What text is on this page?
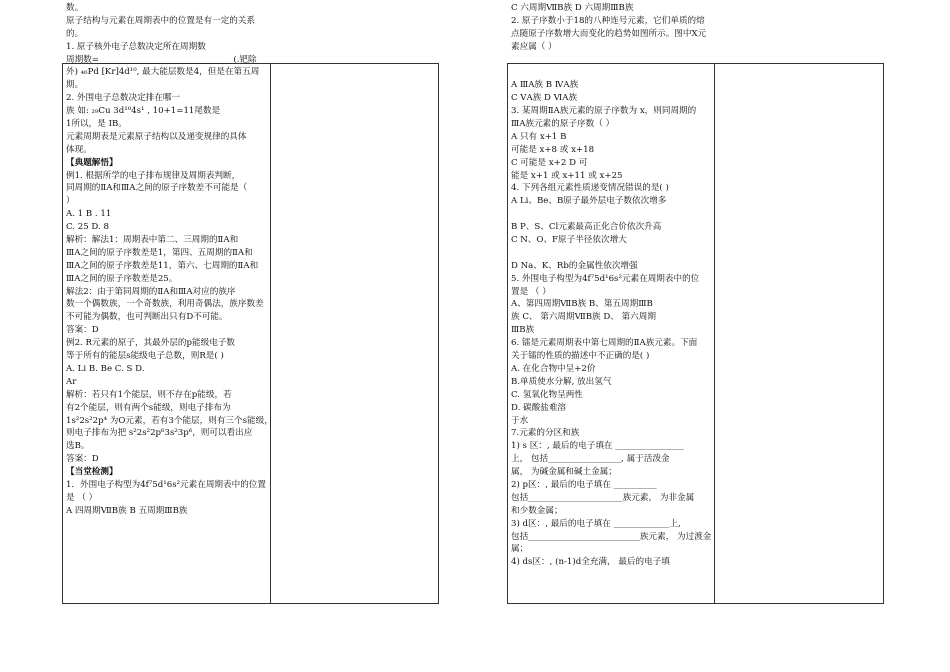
数。
原子结构与元素在周期表中的位置是有一定的关系
的。
1. 原子核外电子总数决定所在周期数
周期数= ______________________________ (.钯除
外) ₄₆Pd [Kr]4d¹⁰, 最大能层数是4，但是在第五周
期。
2. 外围电子总数决定排在哪一
族 如: ₂₉Cu 3d¹⁰4s¹ , 10+1=11尾数是
1所以，是 IB。
元素周期表是元素原子结构以及递变规律的具体
体现。
【典题解悟】
例1. 根据所学的电子排布规律及周期表判断，
同周期的ⅡA和ⅢA之间的原子序数差不可能是（
）
A. 1 B . 11
C. 25 D. 8
解析：解法1：周期表中第二、三周期的ⅡA和
ⅢA之间的原子序数差是1，第四、五周期的ⅡA和
ⅢA之间的原子序数差是11，第六、七周期的ⅡA和
ⅢA之间的原子序数差是25。
解法2：由于第同周期的ⅡA和ⅢA对应的族序
数一个偶数族，一个奇数族，利用奇偶法，族序数差
不可能为偶数，也可判断出只有D不可能。
答案：D
例2. R元素的原子，其最外层的p能级电子数
等于所有的能层s能级电子总数，则R是( )
A. Li B. Be C. S D.
Ar
解析：若只有1个能层，则不存在p能级，若
有2个能层，则有两个s能级，则电子排布为
1s²2s²2p⁴ 为O元素，若有3个能层，则有三个s能级，
则电子排布为把 s²2s²2p⁶3s²3p⁶，则可以看出应
选B。
答案：D
【当堂检测】
1．外围电子构型为4f⁷5d¹6s²元素在周期表中的位置
是 （ ）
A 四周期ⅦB族 B 五周期ⅢB族
C 六周期ⅦB族 D 六周期ⅢB族
2. 原子序数小于18的八种连号元素，它们单质的熔
点随原子序数增大而变化的趋势如图所示。图中X元
素应属（ ）
A ⅢA族 B ⅣA族
C ⅤA族 D ⅥA族
3. 某周期ⅡA族元素的原子序数为 x，则同周期的
ⅢA族元素的原子序数（ ）
A 只有 x+1 B
可能是 x+8 或 x+18
C 可能是 x+2 D 可
能是 x+1 或 x+11 或 x+25
4. 下列各组元素性质递变情况错误的是( )
A Li、Be、B原子最外层电子数依次增多
B P、S、Cl元素最高正化合价依次升高
C N、O、F原子半径依次增大
D Na、K、Rb的金属性依次增强
5. 外围电子构型为4f⁷5d¹6s²元素在周期表中的位
置是 （ ）
A、第四周期ⅦB族 B、第五周期ⅢB
族 C、 第六周期ⅦB族 D、 第六周期
ⅢB族
6. 镭是元素周期表中第七周期的ⅡA族元素。下面
关于镭的性质的描述中不正确的是( )
A. 在化合物中呈+2价
B.单质使水分解, 放出氢气
C. 氢氧化物呈两性
D. 碳酸盐难溶
于水
7.元素的分区和族
1) s 区：, 最后的电子填在 ________________
上， 包括_________________, 属于活泼金
属， 为碱金属和碱土金属；
2) p区：, 最后的电子填在 __________
包括______________________族元素， 为非金属
和少数金属；
3) d区：, 最后的电子填在 _____________上,
包括__________________________族元素， 为过渡金
属；
4) ds区：, (n-1)d全充满， 最后的电子填
